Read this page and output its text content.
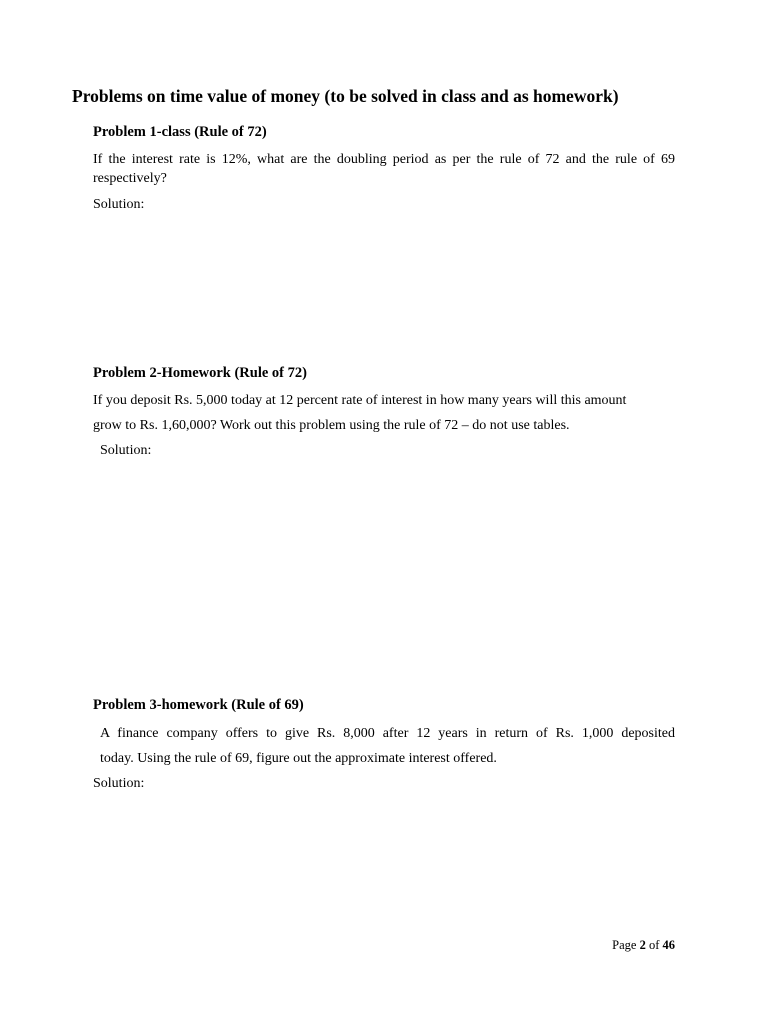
Problems on time value of money (to be solved in class and as homework)
Problem 1-class (Rule of 72)

If the interest rate is 12%, what are the doubling period as per the rule of 72 and the rule of 69

respectively?

Solution:

Problem 2-Homework (Rule of 72)

If you deposit Rs. 5,000 today at 12 percent rate of interest in how many years will this amount

grow to Rs. 1,60,000? Work out this problem using the rule of 72 – do not use tables.

Solution:

Problem 3-homework (Rule of 69)

A finance company offers to give Rs. 8,000 after 12 years in return of Rs. 1,000 deposited

today. Using the rule of 69, figure out the approximate interest offered.

Solution:

Page 2 of 46
